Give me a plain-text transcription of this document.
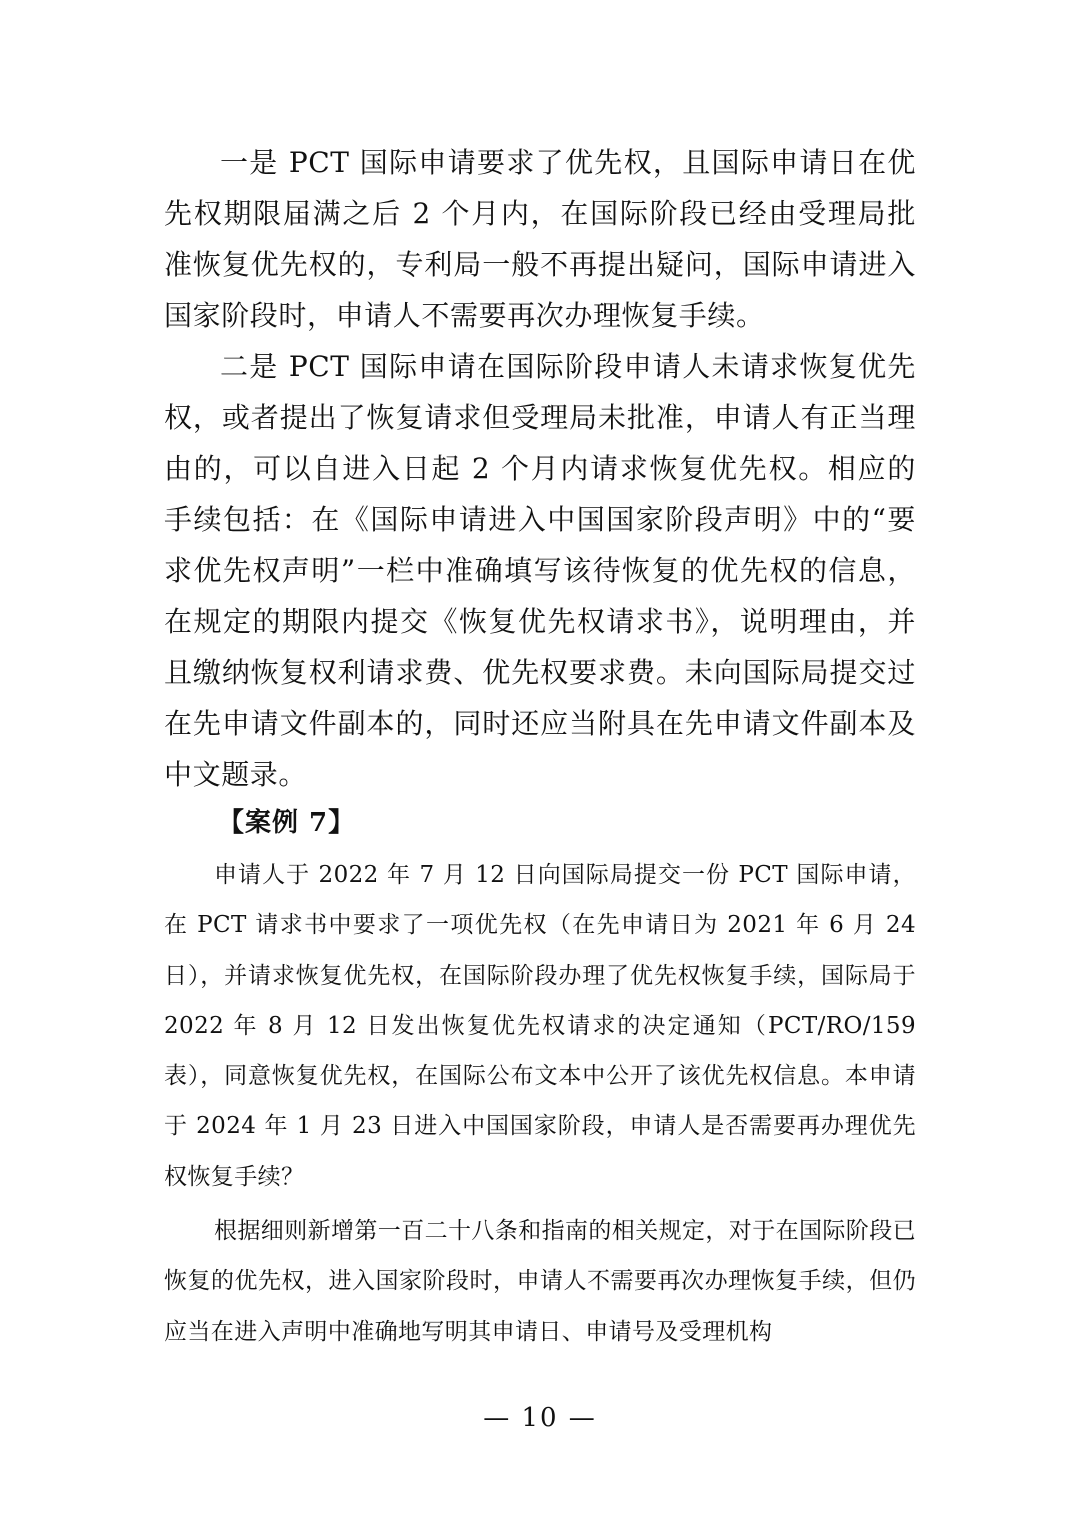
一是 PCT 国际申请要求了优先权，且国际申请日在优先权期限届满之后 2 个月内，在国际阶段已经由受理局批准恢复优先权的，专利局一般不再提出疑问，国际申请进入国家阶段时，申请人不需要再次办理恢复手续。

二是 PCT 国际申请在国际阶段申请人未请求恢复优先权，或者提出了恢复请求但受理局未批准，申请人有正当理由的，可以自进入日起 2 个月内请求恢复优先权。相应的手续包括：在《国际申请进入中国国家阶段声明》中的“要求优先权声明”一栏中准确填写该待恢复的优先权的信息，在规定的期限内提交《恢复优先权请求书》，说明理由，并且缴纳恢复权利请求费、优先权要求费。未向国际局提交过在先申请文件副本的，同时还应当附具在先申请文件副本及中文题录。

【案例 7】

申请人于 2022 年 7 月 12 日向国际局提交一份 PCT 国际申请，在 PCT 请求书中要求了一项优先权（在先申请日为 2021 年 6 月 24 日），并请求恢复优先权，在国际阶段办理了优先权恢复手续，国际局于 2022 年 8 月 12 日发出恢复优先权请求的决定通知（PCT/RO/159 表），同意恢复优先权，在国际公布文本中公开了该优先权信息。本申请于 2024 年 1 月 23 日进入中国国家阶段，申请人是否需要再办理优先权恢复手续？

根据细则新增第一百二十八条和指南的相关规定，对于在国际阶段已恢复的优先权，进入国家阶段时，申请人不需要再次办理恢复手续，但仍应当在进入声明中准确地写明其申请日、申请号及受理机构

— 10 —
